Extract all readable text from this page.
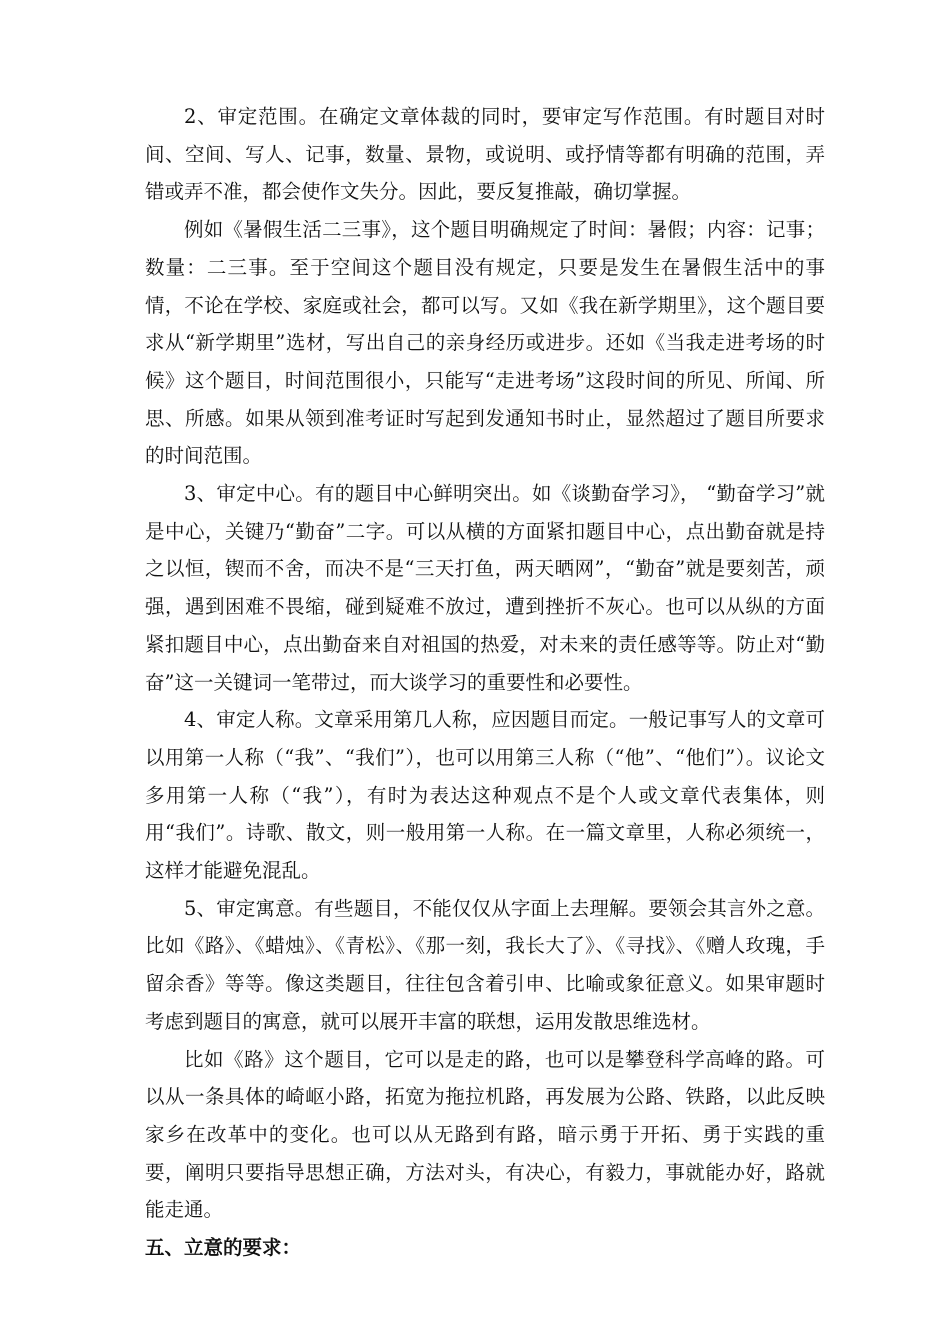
2、审定范围。在确定文章体裁的同时，要审定写作范围。有时题目对时间、空间、写人、记事，数量、景物，或说明、或抒情等都有明确的范围，弄错或弄不准，都会使作文失分。因此，要反复推敲，确切掌握。

例如《暑假生活二三事》，这个题目明确规定了时间：暑假；内容：记事；数量：二三事。至于空间这个题目没有规定，只要是发生在暑假生活中的事情，不论在学校、家庭或社会，都可以写。又如《我在新学期里》，这个题目要求从“新学期里”选材，写出自己的亲身经历或进步。还如《当我走进考场的时候》这个题目，时间范围很小，只能写“走进考场”这段时间的所见、所闻、所思、所感。如果从领到准考证时写起到发通知书时止，显然超过了题目所要求的时间范围。

3、审定中心。有的题目中心鲜明突出。如《谈勤奋学习》， “勤奋学习”就是中心，关键乃“勤奋”二字。可以从横的方面紧扣题目中心，点出勤奋就是持之以恒，锲而不舍，而决不是“三天打鱼，两天晒网”，“勤奋”就是要刻苦，顽强，遇到困难不畏缩，碰到疑难不放过，遭到挫折不灰心。也可以从纵的方面紧扣题目中心，点出勤奋来自对祖国的热爱，对未来的责任感等等。防止对“勤奋”这一关键词一笔带过，而大谈学习的重要性和必要性。

4、审定人称。文章采用第几人称，应因题目而定。一般记事写人的文章可以用第一人称（“我”、“我们”），也可以用第三人称（“他”、“他们”）。议论文多用第一人称（“我”），有时为表达这种观点不是个人或文章代表集体，则用“我们”。诗歌、散文，则一般用第一人称。在一篇文章里，人称必须统一，这样才能避免混乱。

5、审定寓意。有些题目，不能仅仅从字面上去理解。要领会其言外之意。比如《路》、《蜡烛》、《青松》、《那一刻，我长大了》、《寻找》、《赠人玫瑰，手留余香》等等。像这类题目，往往包含着引申、比喻或象征意义。如果审题时考虑到题目的寓意，就可以展开丰富的联想，运用发散思维选材。

比如《路》这个题目，它可以是走的路，也可以是攀登科学高峰的路。可以从一条具体的崎岖小路，拓宽为拖拉机路，再发展为公路、铁路，以此反映家乡在改革中的变化。也可以从无路到有路，暗示勇于开拓、勇于实践的重要，阐明只要指导思想正确，方法对头，有决心，有毅力，事就能办好，路就能走通。

五、立意的要求：
